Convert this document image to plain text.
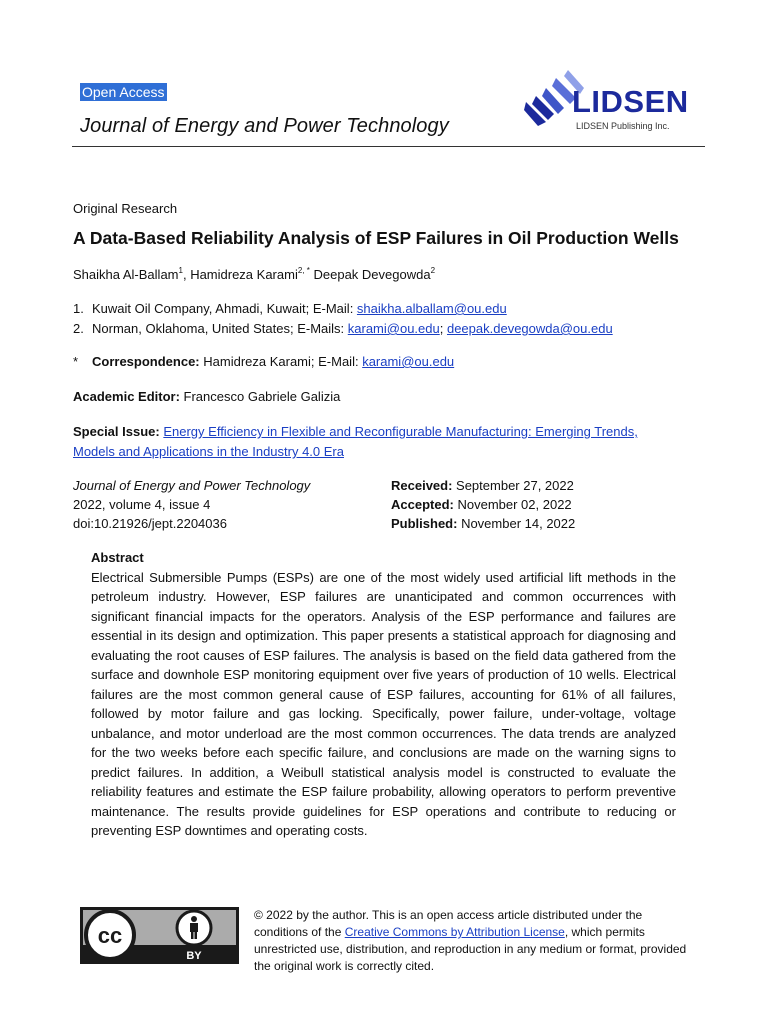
Open Access
Journal of Energy and Power Technology
LIDSEN
LIDSEN Publishing Inc.
Original Research
A Data-Based Reliability Analysis of ESP Failures in Oil Production Wells
Shaikha Al-Ballam$^1$, Hamidreza Karami$^{2, *}$ Deepak Devegowda$^2$
1. Kuwait Oil Company, Ahmadi, Kuwait; E-Mail: shaikha.alballam@ou.edu
2. Norman, Oklahoma, United States; E-Mails: karami@ou.edu; deepak.devegowda@ou.edu
* Correspondence: Hamidreza Karami; E-Mail: karami@ou.edu
Academic Editor: Francesco Gabriele Galizia
Special Issue: Energy Efficiency in Flexible and Reconfigurable Manufacturing: Emerging Trends, Models and Applications in the Industry 4.0 Era
Journal of Energy and Power Technology
2022, volume 4, issue 4
doi:10.21926/jept.2204036
Received: September 27, 2022
Accepted: November 02, 2022
Published: November 14, 2022
Abstract
Electrical Submersible Pumps (ESPs) are one of the most widely used artificial lift methods in the petroleum industry. However, ESP failures are unanticipated and common occurrences with significant financial impacts for the operators. Analysis of the ESP performance and failures are essential in its design and optimization. This paper presents a statistical approach for diagnosing and evaluating the root causes of ESP failures. The analysis is based on the field data gathered from the surface and downhole ESP monitoring equipment over five years of production of 10 wells. Electrical failures are the most common general cause of ESP failures, accounting for 61% of all failures, followed by motor failure and gas locking. Specifically, power failure, under-voltage, voltage unbalance, and motor underload are the most common occurrences. The data trends are analyzed for the two weeks before each specific failure, and conclusions are made on the warning signs to predict failures. In addition, a Weibull statistical analysis model is constructed to evaluate the reliability features and estimate the ESP failure probability, allowing operators to perform preventive maintenance. The results provide guidelines for ESP operations and contribute to reducing or preventing ESP downtimes and operating costs.
cc
BY
© 2022 by the author. This is an open access article distributed under the conditions of the Creative Commons by Attribution License, which permits unrestricted use, distribution, and reproduction in any medium or format, provided the original work is correctly cited.
